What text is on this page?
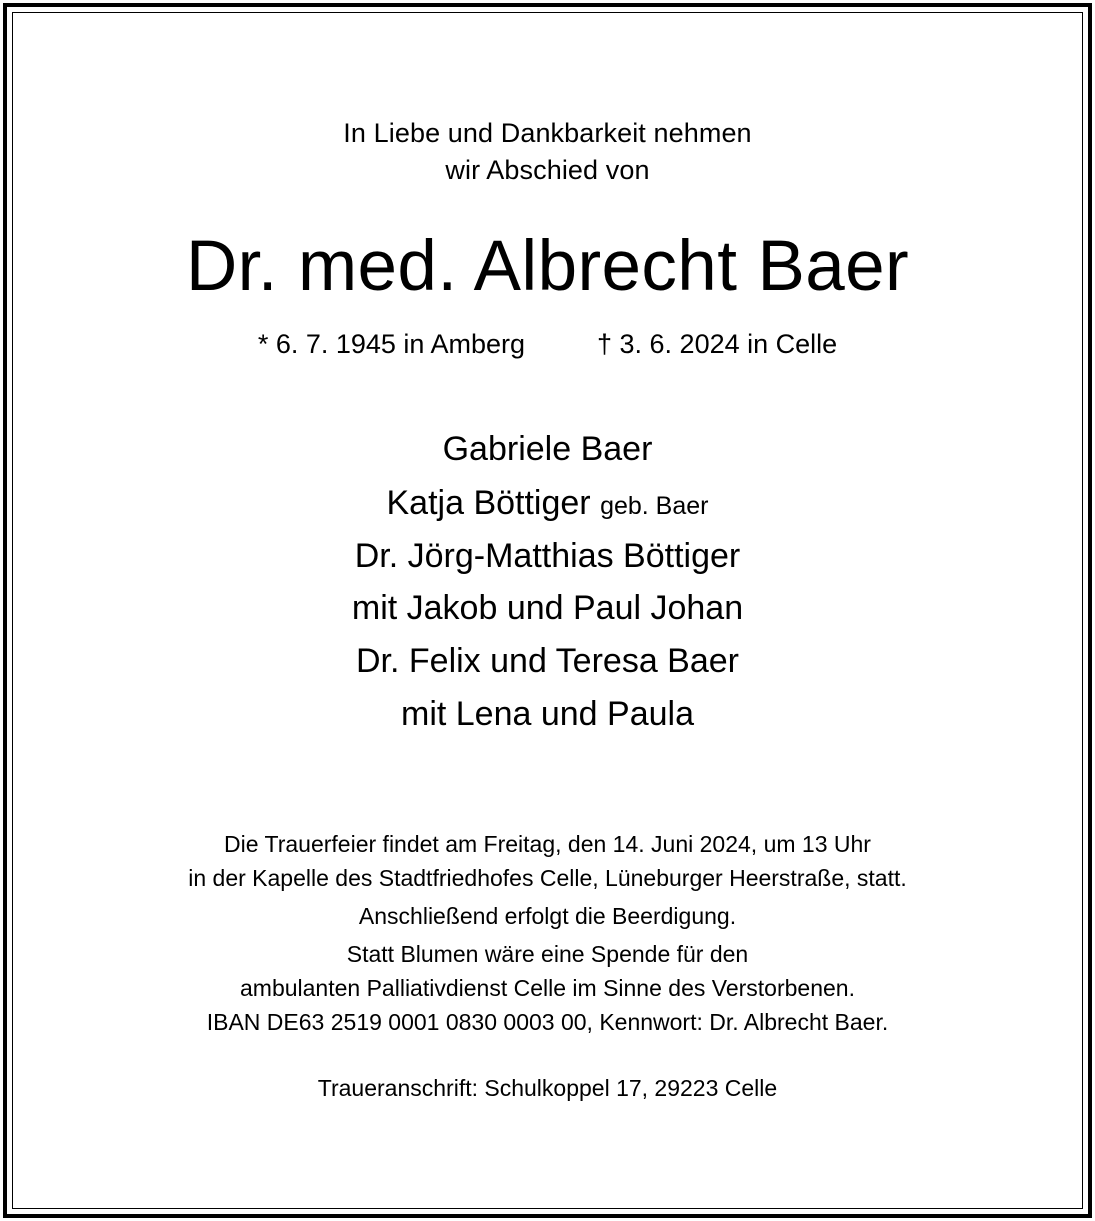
In Liebe und Dankbarkeit nehmen
wir Abschied von
Dr. med. Albrecht Baer
* 6. 7. 1945 in Amberg	† 3. 6. 2024 in Celle
Gabriele Baer
Katja Böttiger geb. Baer
Dr. Jörg-Matthias Böttiger
mit Jakob und Paul Johan
Dr. Felix und Teresa Baer
mit Lena und Paula
Die Trauerfeier findet am Freitag, den 14. Juni 2024, um 13 Uhr
in der Kapelle des Stadtfriedhofes Celle, Lüneburger Heerstraße, statt.
Anschließend erfolgt die Beerdigung.
Statt Blumen wäre eine Spende für den
ambulanten Palliativdienst Celle im Sinne des Verstorbenen.
IBAN DE63 2519 0001 0830 0003 00, Kennwort: Dr. Albrecht Baer.
Traueranschrift: Schulkoppel 17, 29223 Celle
